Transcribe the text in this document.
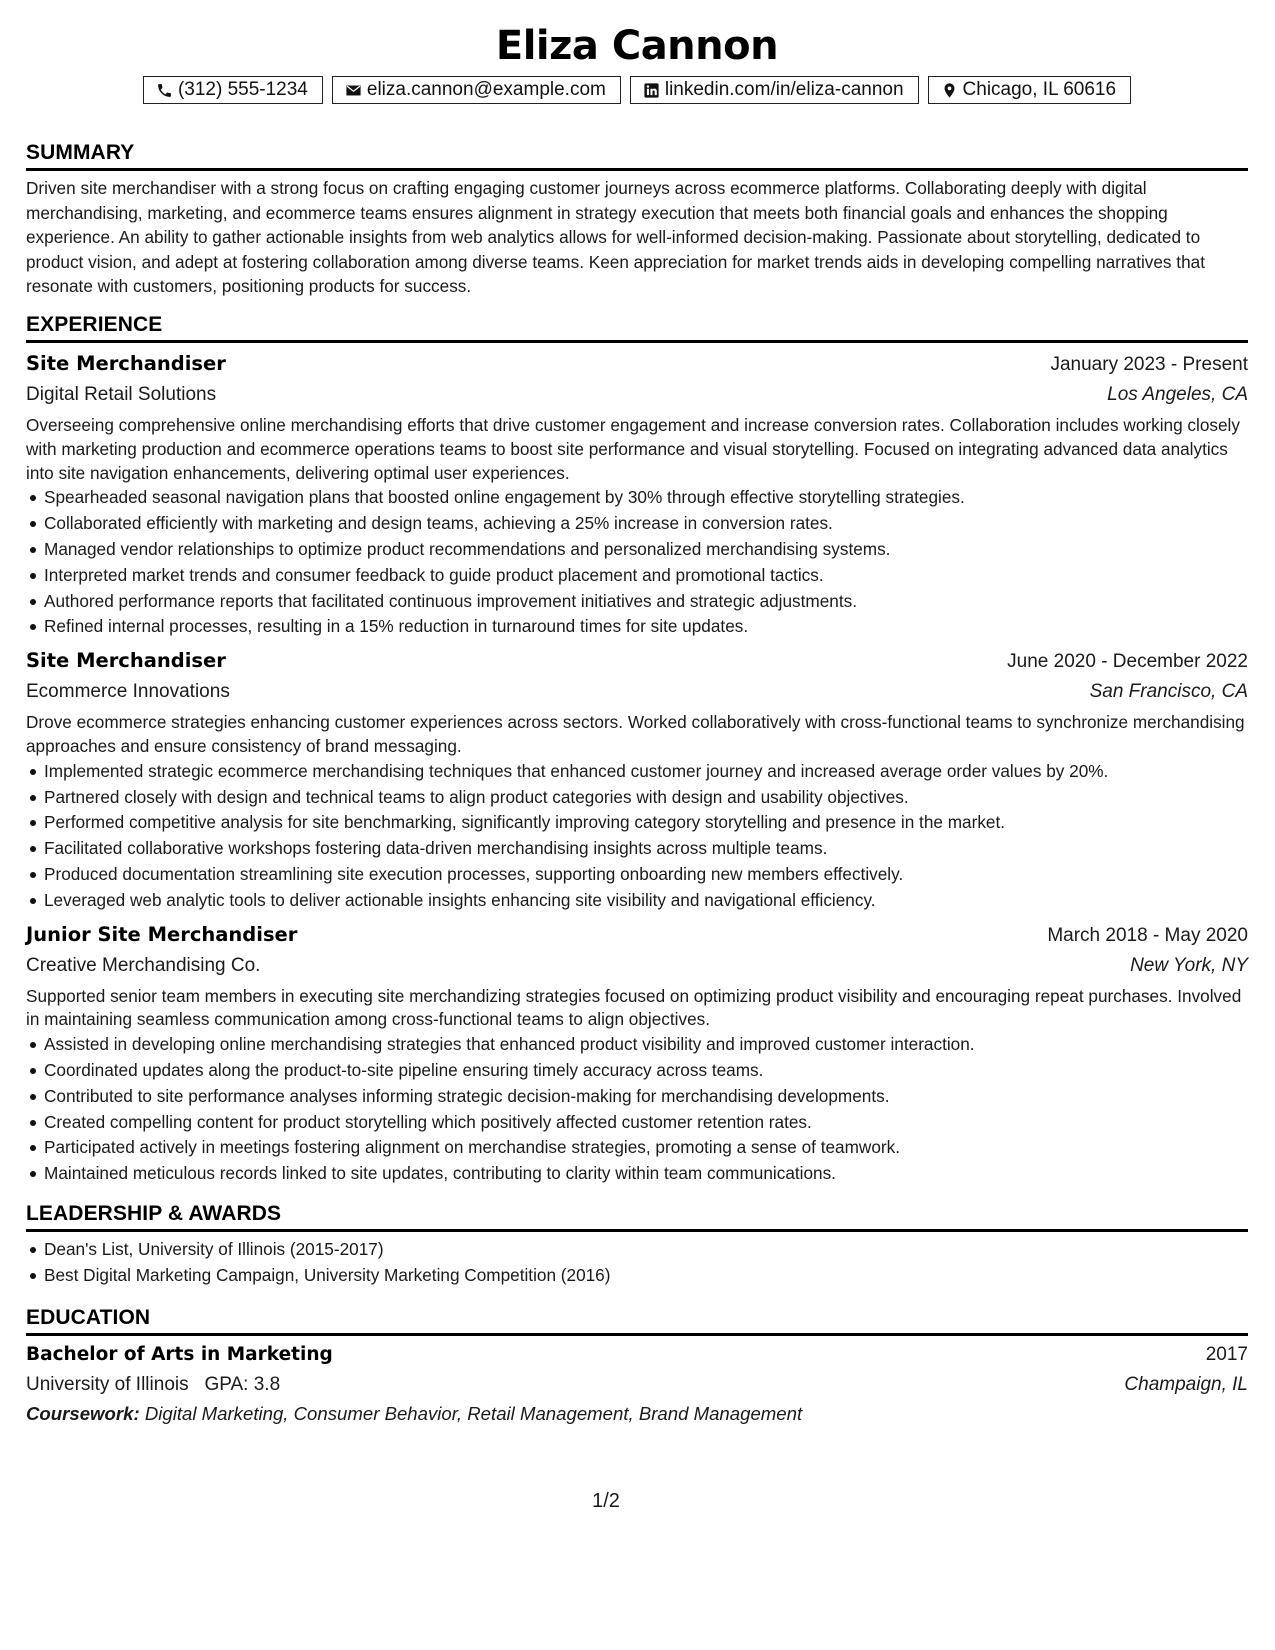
Eliza Cannon
(312) 555-1234	eliza.cannon@example.com	linkedin.com/in/eliza-cannon	Chicago, IL 60616
SUMMARY
Driven site merchandiser with a strong focus on crafting engaging customer journeys across ecommerce platforms. Collaborating deeply with digital merchandising, marketing, and ecommerce teams ensures alignment in strategy execution that meets both financial goals and enhances the shopping experience. An ability to gather actionable insights from web analytics allows for well-informed decision-making. Passionate about storytelling, dedicated to product vision, and adept at fostering collaboration among diverse teams. Keen appreciation for market trends aids in developing compelling narratives that resonate with customers, positioning products for success.
EXPERIENCE
Site Merchandiser	January 2023 - Present
Digital Retail Solutions	Los Angeles, CA
Overseeing comprehensive online merchandising efforts that drive customer engagement and increase conversion rates. Collaboration includes working closely with marketing production and ecommerce operations teams to boost site performance and visual storytelling. Focused on integrating advanced data analytics into site navigation enhancements, delivering optimal user experiences.
Spearheaded seasonal navigation plans that boosted online engagement by 30% through effective storytelling strategies.
Collaborated efficiently with marketing and design teams, achieving a 25% increase in conversion rates.
Managed vendor relationships to optimize product recommendations and personalized merchandising systems.
Interpreted market trends and consumer feedback to guide product placement and promotional tactics.
Authored performance reports that facilitated continuous improvement initiatives and strategic adjustments.
Refined internal processes, resulting in a 15% reduction in turnaround times for site updates.
Site Merchandiser	June 2020 - December 2022
Ecommerce Innovations	San Francisco, CA
Drove ecommerce strategies enhancing customer experiences across sectors. Worked collaboratively with cross-functional teams to synchronize merchandising approaches and ensure consistency of brand messaging.
Implemented strategic ecommerce merchandising techniques that enhanced customer journey and increased average order values by 20%.
Partnered closely with design and technical teams to align product categories with design and usability objectives.
Performed competitive analysis for site benchmarking, significantly improving category storytelling and presence in the market.
Facilitated collaborative workshops fostering data-driven merchandising insights across multiple teams.
Produced documentation streamlining site execution processes, supporting onboarding new members effectively.
Leveraged web analytic tools to deliver actionable insights enhancing site visibility and navigational efficiency.
Junior Site Merchandiser	March 2018 - May 2020
Creative Merchandising Co.	New York, NY
Supported senior team members in executing site merchandizing strategies focused on optimizing product visibility and encouraging repeat purchases. Involved in maintaining seamless communication among cross-functional teams to align objectives.
Assisted in developing online merchandising strategies that enhanced product visibility and improved customer interaction.
Coordinated updates along the product-to-site pipeline ensuring timely accuracy across teams.
Contributed to site performance analyses informing strategic decision-making for merchandising developments.
Created compelling content for product storytelling which positively affected customer retention rates.
Participated actively in meetings fostering alignment on merchandise strategies, promoting a sense of teamwork.
Maintained meticulous records linked to site updates, contributing to clarity within team communications.
LEADERSHIP & AWARDS
Dean's List, University of Illinois (2015-2017)
Best Digital Marketing Campaign, University Marketing Competition (2016)
EDUCATION
Bachelor of Arts in Marketing	2017
University of Illinois GPA: 3.8	Champaign, IL
Coursework: Digital Marketing, Consumer Behavior, Retail Management, Brand Management
1/2
